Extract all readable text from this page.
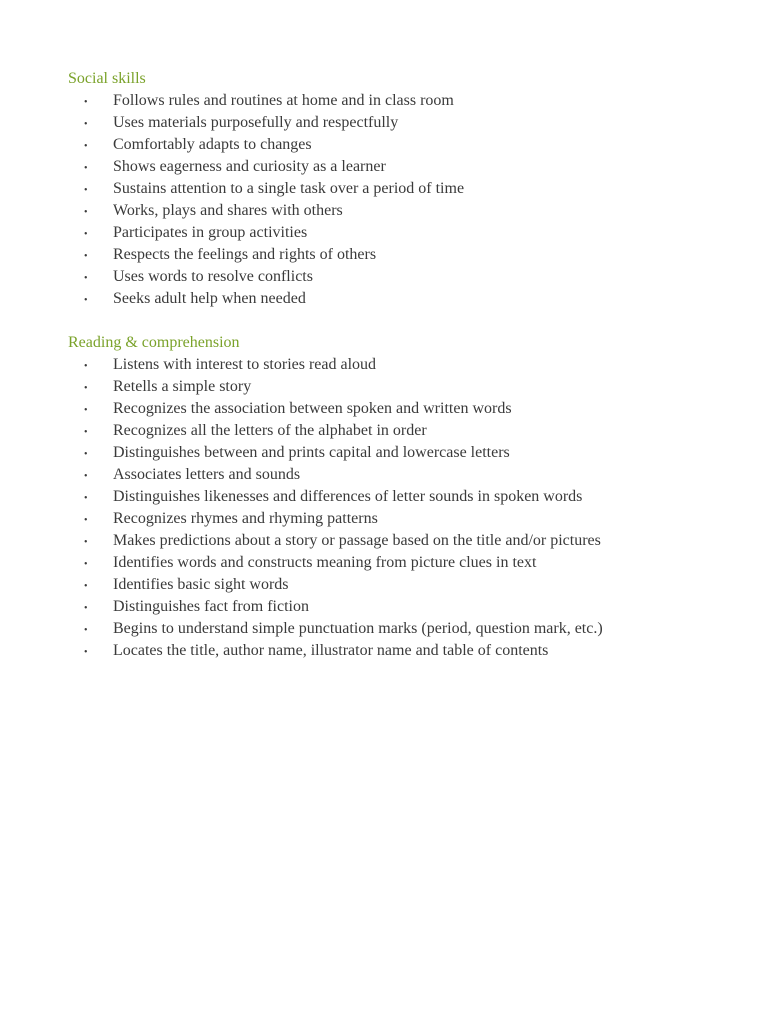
Social skills
• Follows rules and routines at home and in class room
• Uses materials purposefully and respectfully
• Comfortably adapts to changes
• Shows eagerness and curiosity as a learner
• Sustains attention to a single task over a period of time
• Works, plays and shares with others
• Participates in group activities
• Respects the feelings and rights of others
• Uses words to resolve conflicts
• Seeks adult help when needed
Reading & comprehension
• Listens with interest to stories read aloud
• Retells a simple story
• Recognizes the association between spoken and written words
• Recognizes all the letters of the alphabet in order
• Distinguishes between and prints capital and lowercase letters
• Associates letters and sounds
• Distinguishes likenesses and differences of letter sounds in spoken words
• Recognizes rhymes and rhyming patterns
• Makes predictions about a story or passage based on the title and/or pictures
• Identifies words and constructs meaning from picture clues in text
• Identifies basic sight words
• Distinguishes fact from fiction
• Begins to understand simple punctuation marks (period, question mark, etc.)
• Locates the title, author name, illustrator name and table of contents
